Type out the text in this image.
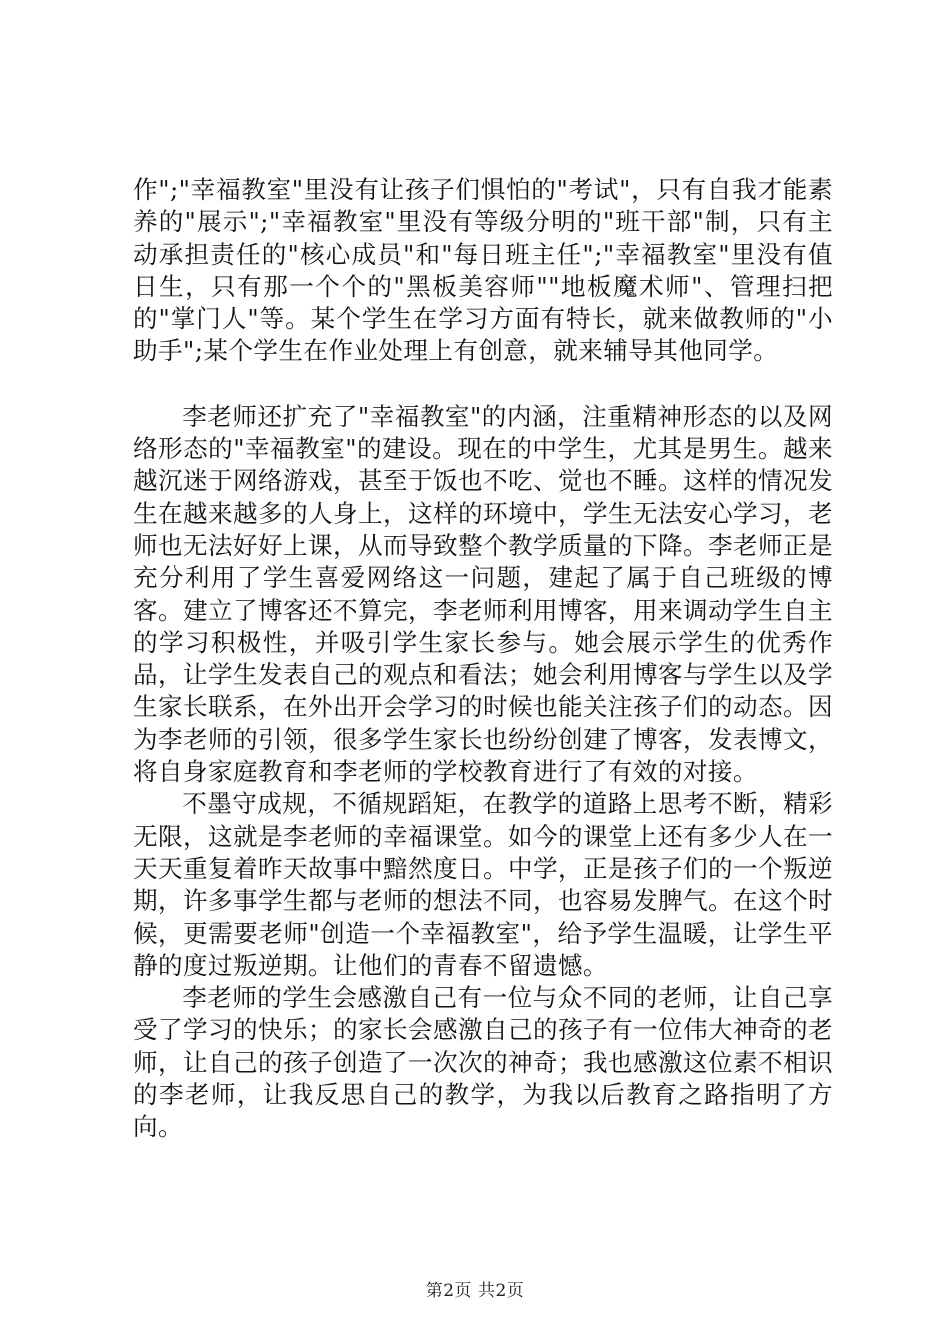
作";"幸福教室"里没有让孩子们惧怕的"考试"，只有自我才能素养的"展示";"幸福教室"里没有等级分明的"班干部"制，只有主动承担责任的"核心成员"和"每日班主任";"幸福教室"里没有值日生，只有那一个个的"黑板美容师""地板魔术师"、管理扫把的"掌门人"等。某个学生在学习方面有特长，就来做教师的"小助手";某个学生在作业处理上有创意，就来辅导其他同学。

李老师还扩充了"幸福教室"的内涵，注重精神形态的以及网络形态的"幸福教室"的建设。现在的中学生，尤其是男生。越来越沉迷于网络游戏，甚至于饭也不吃、觉也不睡。这样的情况发生在越来越多的人身上，这样的环境中，学生无法安心学习，老师也无法好好上课，从而导致整个教学质量的下降。李老师正是充分利用了学生喜爱网络这一问题，建起了属于自己班级的博客。建立了博客还不算完，李老师利用博客，用来调动学生自主的学习积极性，并吸引学生家长参与。她会展示学生的优秀作品，让学生发表自己的观点和看法；她会利用博客与学生以及学生家长联系，在外出开会学习的时候也能关注孩子们的动态。因为李老师的引领，很多学生家长也纷纷创建了博客，发表博文，将自身家庭教育和李老师的学校教育进行了有效的对接。

不墨守成规，不循规蹈矩，在教学的道路上思考不断，精彩无限，这就是李老师的幸福课堂。如今的课堂上还有多少人在一天天重复着昨天故事中黯然度日。中学，正是孩子们的一个叛逆期，许多事学生都与老师的想法不同，也容易发脾气。在这个时候，更需要老师"创造一个幸福教室"，给予学生温暖，让学生平静的度过叛逆期。让他们的青春不留遗憾。

李老师的学生会感激自己有一位与众不同的老师，让自己享受了学习的快乐；的家长会感激自己的孩子有一位伟大神奇的老师，让自己的孩子创造了一次次的神奇；我也感激这位素不相识的李老师，让我反思自己的教学，为我以后教育之路指明了方向。

第2页 共2页
